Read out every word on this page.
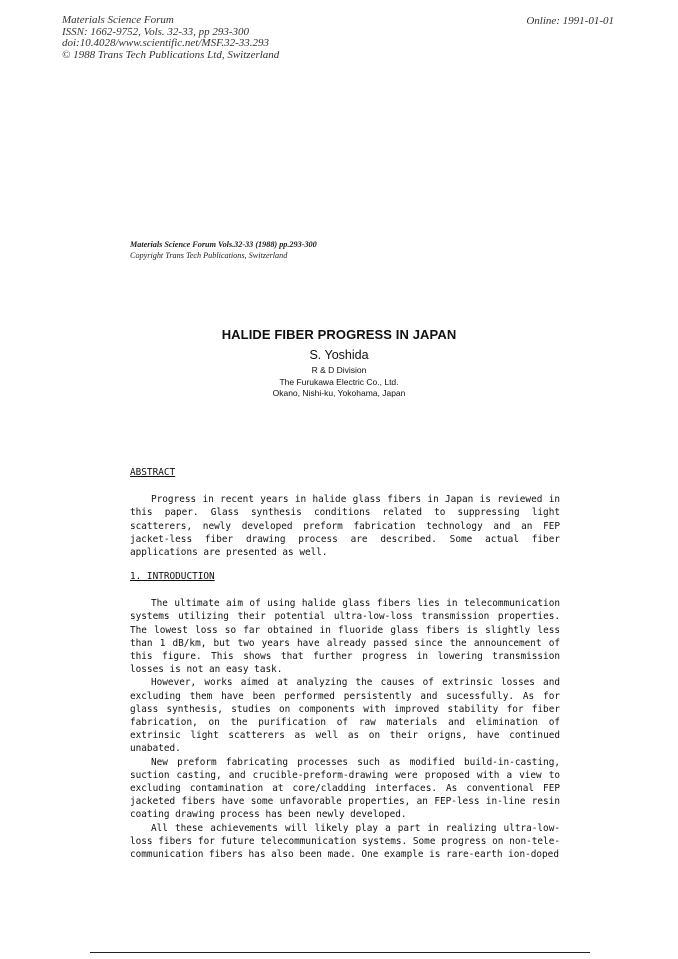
Materials Science Forum
ISSN: 1662-9752, Vols. 32-33, pp 293-300
doi:10.4028/www.scientific.net/MSF.32-33.293
© 1988 Trans Tech Publications Ltd, Switzerland
Online: 1991-01-01
Materials Science Forum Vols.32-33 (1988) pp.293-300
Copyright Trans Tech Publications, Switzerland
HALIDE FIBER PROGRESS IN JAPAN
S. Yoshida
R & D Division
The Furukawa Electric Co., Ltd.
Okano, Nishi-ku, Yokohama, Japan
ABSTRACT

Progress in recent years in halide glass fibers in Japan is reviewed in this paper. Glass synthesis conditions related to suppressing light scatterers, newly developed preform fabrication technology and an FEP jacket-less fiber drawing process are described. Some actual fiber applications are presented as well.

1. INTRODUCTION

The ultimate aim of using halide glass fibers lies in telecommunication systems utilizing their potential ultra-low-loss transmission properties. The lowest loss so far obtained in fluoride glass fibers is slightly less than 1 dB/km, but two years have already passed since the announcement of this figure. This shows that further progress in lowering transmission losses is not an easy task.

However, works aimed at analyzing the causes of extrinsic losses and excluding them have been performed persistently and sucessfully. As for glass synthesis, studies on components with improved stability for fiber fabrication, on the purification of raw materials and elimination of extrinsic light scatterers as well as on their origns, have continued unabated.

New preform fabricating processes such as modified build-in-casting, suction casting, and crucible-preform-drawing were proposed with a view to excluding contamination at core/cladding interfaces. As conventional FEP jacketed fibers have some unfavorable properties, an FEP-less in-line resin coating drawing process has been newly developed.

All these achievements will likely play a part in realizing ultra-low-loss fibers for future telecommunication systems. Some progress on non-tele-communication fibers has also been made. One example is rare-earth ion-doped
